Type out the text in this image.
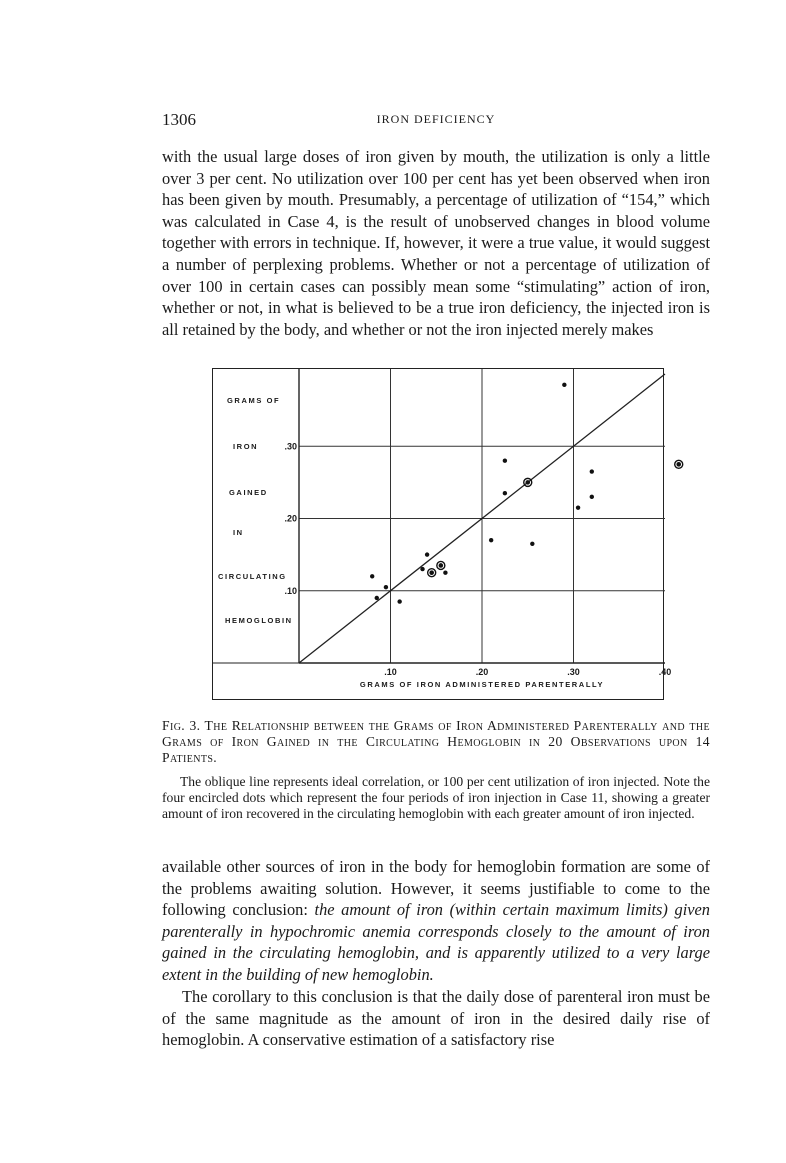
1306	IRON DEFICIENCY

with the usual large doses of iron given by mouth, the utilization is only a little over 3 per cent. No utilization over 100 per cent has yet been observed when iron has been given by mouth. Presumably, a percentage of utilization of “154,” which was calculated in Case 4, is the result of unobserved changes in blood volume together with errors in technique. If, however, it were a true value, it would suggest a number of perplexing problems. Whether or not a percentage of utilization of over 100 in certain cases can possibly mean some “stimulating” action of iron, whether or not, in what is believed to be a true iron deficiency, the injected iron is all retained by the body, and whether or not the iron injected merely makes

.10	.20	.30	.40
.30
.20
.10
GRAMS OF
IRON
GAINED
IN
CIRCULATING
HEMOGLOBIN
GRAMS OF IRON ADMINISTERED PARENTERALLY

Fig. 3. The Relationship between the Grams of Iron Administered Parenterally and the Grams of Iron Gained in the Circulating Hemoglobin in 20 Observations upon 14 Patients.

The oblique line represents ideal correlation, or 100 per cent utilization of iron injected. Note the four encircled dots which represent the four periods of iron injection in Case 11, showing a greater amount of iron recovered in the circulating hemoglobin with each greater amount of iron injected.

available other sources of iron in the body for hemoglobin formation are some of the problems awaiting solution. However, it seems justifiable to come to the following conclusion: the amount of iron (within certain maximum limits) given parenterally in hypochromic anemia corresponds closely to the amount of iron gained in the circulating hemoglobin, and is apparently utilized to a very large extent in the building of new hemoglobin.

The corollary to this conclusion is that the daily dose of parenteral iron must be of the same magnitude as the amount of iron in the desired daily rise of hemoglobin. A conservative estimation of a satisfactory rise
